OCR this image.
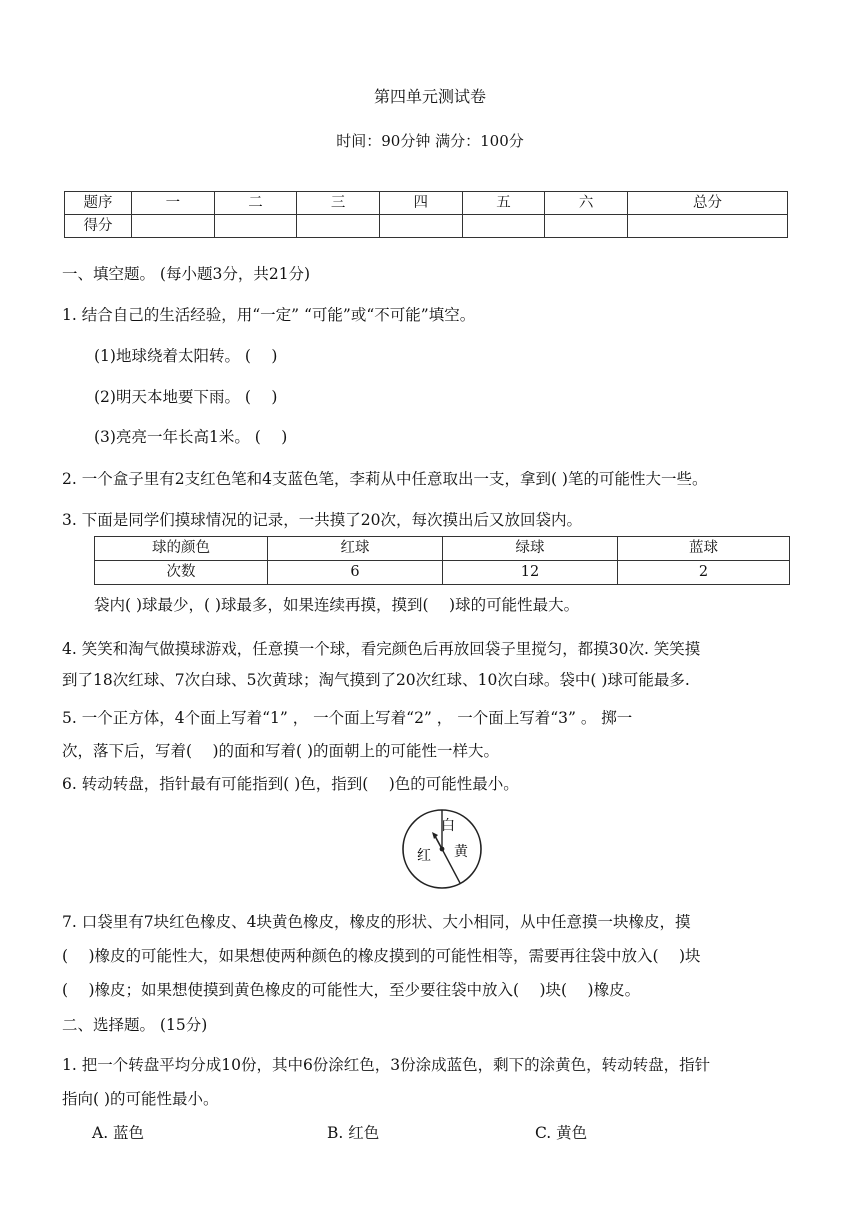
第四单元测试卷
时间：90分钟 满分：100分
题序	一	二	三	四	五	六	总分
得分							
一、填空题。 (每小题3分，共21分)
1. 结合自己的生活经验，用“一定” “可能”或“不可能”填空。
(1)地球绕着太阳转。 (　 )
(2)明天本地要下雨。 (　 )
(3)亮亮一年长高1米。 (　 )
2. 一个盒子里有2支红色笔和4支蓝色笔，李莉从中任意取出一支，拿到( )笔的可能性大一些。
3. 下面是同学们摸球情况的记录，一共摸了20次，每次摸出后又放回袋内。
球的颜色	红球	绿球	蓝球
次数	6	12	2
袋内( )球最少，( )球最多，如果连续再摸，摸到(　 )球的可能性最大。
4. 笑笑和淘气做摸球游戏，任意摸一个球，看完颜色后再放回袋子里搅匀，都摸30次. 笑笑摸
到了18次红球、7次白球、5次黄球；淘气摸到了20次红球、10次白球。袋中( )球可能最多.
5. 一个正方体，4个面上写着“1” ， 一个面上写着“2” ， 一个面上写着“3” 。 掷一
次，落下后，写着(　 )的面和写着( )的面朝上的可能性一样大。
6. 转动转盘，指针最有可能指到( )色，指到(　 )色的可能性最小。
白
红 黄
7. 口袋里有7块红色橡皮、4块黄色橡皮，橡皮的形状、大小相同，从中任意摸一块橡皮，摸
(　 )橡皮的可能性大，如果想使两种颜色的橡皮摸到的可能性相等，需要再往袋中放入(　 )块
(　 )橡皮；如果想使摸到黄色橡皮的可能性大，至少要往袋中放入(　 )块(　 )橡皮。
二、选择题。 (15分)
1. 把一个转盘平均分成10份，其中6份涂红色，3份涂成蓝色，剩下的涂黄色，转动转盘，指针
指向( )的可能性最小。
A. 蓝色	B. 红色	C. 黄色
